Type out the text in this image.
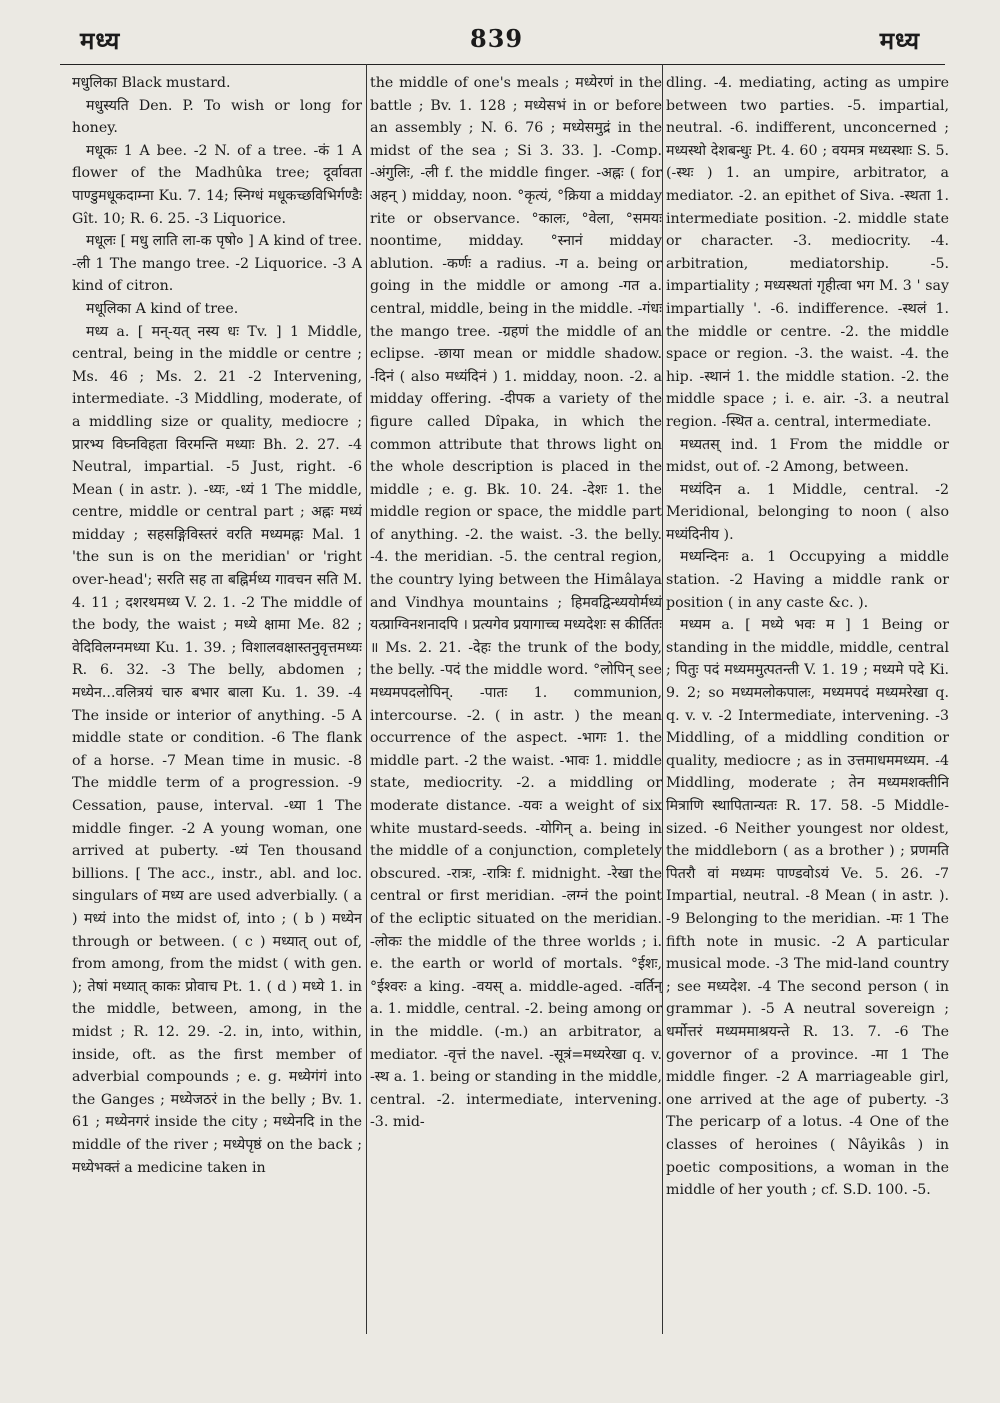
मध्य	839	मध्य

मधुलिका Black mustard.

मधुस्यति Den. P. To wish or long for honey.

मधूकः 1 A bee. -2 N. of a tree. -कं 1 A flower of the Madhûka tree; दूर्वावता पाण्डुमधूकदाम्ना Ku. 7. 14; स्निग्धं मधूकच्छविभिर्गण्डैः Gît. 10; R. 6. 25. -3 Liquorice.

मधूलः [ मधु लाति ला-क पृषो० ] A kind of tree. -ली 1 The mango tree. -2 Liquorice. -3 A kind of citron.

मधूलिका A kind of tree.

मध्य a. [ मन्-यत् नस्य धः Tv. ] 1 Middle, central, being in the middle or centre ; Ms. 46 ; Ms. 2. 21 -2 Intervening, intermediate. -3 Middling, moderate, of a middling size or quality, mediocre ; प्रारभ्य विघ्नविहता विरमन्ति मध्याः Bh. 2. 27. -4 Neutral, impartial. -5 Just, right. -6 Mean ( in astr. ). -ध्यः, -ध्यं 1 The middle, centre, middle or central part ; अह्नः मध्यं midday ; सहसङ्गिविस्तरं वरति मध्यमह्नः Mal. 1 'the sun is on the meridian' or 'right over-head'; सरति सह ता बह्निर्मध्य गावचन सति M. 4. 11 ; दशरथमध्य V. 2. 1. -2 The middle of the body, the waist ; मध्ये क्षामा Me. 82 ; वेदिविलग्नमध्या Ku. 1. 39. ; विशालवक्षास्तनुवृत्तमध्यः R. 6. 32. -3 The belly, abdomen ; मध्येन...वलित्रयं चारु बभार बाला Ku. 1. 39. -4 The inside or interior of anything. -5 A middle state or condition. -6 The flank of a horse. -7 Mean time in music. -8 The middle term of a progression. -9 Cessation, pause, interval. -ध्या 1 The middle finger. -2 A young woman, one arrived at puberty. -ध्यं Ten thousand billions. [ The acc., instr., abl. and loc. singulars of मध्य are used adverbially. ( a ) मध्यं into the midst of, into ; ( b ) मध्येन through or between. ( c ) मध्यात् out of, from among, from the midst ( with gen. ); तेषां मध्यात् काकः प्रोवाच Pt. 1. ( d ) मध्ये 1. in the middle, between, among, in the midst ; R. 12. 29. -2. in, into, within, inside, oft. as the first member of adverbial compounds ; e. g. मध्येगंगं into the Ganges ; मध्येजठरं in the belly ; Bv. 1. 61 ; मध्येनगरं inside the city ; मध्येनदि in the middle of the river ; मध्येपृष्ठं on the back ; मध्येभक्तं a medicine taken in

the middle of one's meals ; मध्येरणं in the battle ; Bv. 1. 128 ; मध्येसभं in or before an assembly ; N. 6. 76 ; मध्येसमुद्रं in the midst of the sea ; Si 3. 33. ]. -Comp. -अंगुलिः, -ली f. the middle finger. -अह्नः ( for अहन् ) midday, noon. °कृत्यं, °क्रिया a midday rite or observance. °कालः, °वेला, °समयः noontime, midday. °स्नानं midday ablution. -कर्णः a radius. -ग a. being or going in the middle or among -गत a. central, middle, being in the middle. -गंधः the mango tree. -ग्रहणं the middle of an eclipse. -छाया mean or middle shadow. -दिनं ( also मध्यंदिनं ) 1. midday, noon. -2. a midday offering. -दीपक a variety of the figure called Dîpaka, in which the common attribute that throws light on the whole description is placed in the middle ; e. g. Bk. 10. 24. -देशः 1. the middle region or space, the middle part of anything. -2. the waist. -3. the belly. -4. the meridian. -5. the central region, the country lying between the Himâlaya and Vindhya mountains ; हिमवद्विन्ध्ययोर्मध्यं यत्प्राग्विनशनादपि । प्रत्यगेव प्रयागाच्च मध्यदेशः स कीर्तितः ॥ Ms. 2. 21. -देहः the trunk of the body, the belly. -पदं the middle word. °लोपिन् see मध्यमपदलोपिन्. -पातः 1. communion, intercourse. -2. ( in astr. ) the mean occurrence of the aspect. -भागः 1. the middle part. -2 the waist. -भावः 1. middle state, mediocrity. -2. a middling or moderate distance. -यवः a weight of six white mustard-seeds. -योगिन् a. being in the middle of a conjunction, completely obscured. -रात्रः, -रात्रिः f. midnight. -रेखा the central or first meridian. -लग्नं the point of the ecliptic situated on the meridian. -लोकः the middle of the three worlds ; i. e. the earth or world of mortals. °ईशः, °ईश्वरः a king. -वयस् a. middle-aged. -वर्तिन् a. 1. middle, central. -2. being among or in the middle. (-m.) an arbitrator, a mediator. -वृत्तं the navel. -सूत्रं=मध्यरेखा q. v. -स्थ a. 1. being or standing in the middle, central. -2. intermediate, intervening. -3. mid-

dling. -4. mediating, acting as umpire between two parties. -5. impartial, neutral. -6. indifferent, unconcerned ; मध्यस्थो देशबन्धुः Pt. 4. 60 ; वयमत्र मध्यस्थाः S. 5. (-स्थः ) 1. an umpire, arbitrator, a mediator. -2. an epithet of Siva. -स्थता 1. intermediate position. -2. middle state or character. -3. mediocrity. -4. arbitration, mediatorship. -5. impartiality ; मध्यस्थतां गृहीत्वा भग M. 3 ' say impartially '. -6. indifference. -स्थलं 1. the middle or centre. -2. the middle space or region. -3. the waist. -4. the hip. -स्थानं 1. the middle station. -2. the middle space ; i. e. air. -3. a neutral region. -स्थित a. central, intermediate.

मध्यतस् ind. 1 From the middle or midst, out of. -2 Among, between.

मध्यंदिन a. 1 Middle, central. -2 Meridional, belonging to noon ( also मध्यंदिनीय ).

मध्यन्दिनः a. 1 Occupying a middle station. -2 Having a middle rank or position ( in any caste &c. ).

मध्यम a. [ मध्ये भवः म ] 1 Being or standing in the middle, middle, central ; पितुः पदं मध्यममुत्पतन्ती V. 1. 19 ; मध्यमे पदे Ki. 9. 2; so मध्यमलोकपालः, मध्यमपदं मध्यमरेखा q. q. v. v. -2 Intermediate, intervening. -3 Middling, of a middling condition or quality, mediocre ; as in उत्तमाधममध्यम. -4 Middling, moderate ; तेन मध्यमशक्तीनि मित्राणि स्थापितान्यतः R. 17. 58. -5 Middle-sized. -6 Neither youngest nor oldest, the middleborn ( as a brother ) ; प्रणमति पितरौ वां मध्यमः पाण्डवोऽयं Ve. 5. 26. -7 Impartial, neutral. -8 Mean ( in astr. ). -9 Belonging to the meridian. -मः 1 The fifth note in music. -2 A particular musical mode. -3 The mid-land country ; see मध्यदेश. -4 The second person ( in grammar ). -5 A neutral sovereign ; धर्मोत्तरं मध्यममाश्रयन्ते R. 13. 7. -6 The governor of a province. -मा 1 The middle finger. -2 A marriageable girl, one arrived at the age of puberty. -3 The pericarp of a lotus. -4 One of the classes of heroines ( Nâyikâs ) in poetic compositions, a woman in the middle of her youth ; cf. S.D. 100. -5.
